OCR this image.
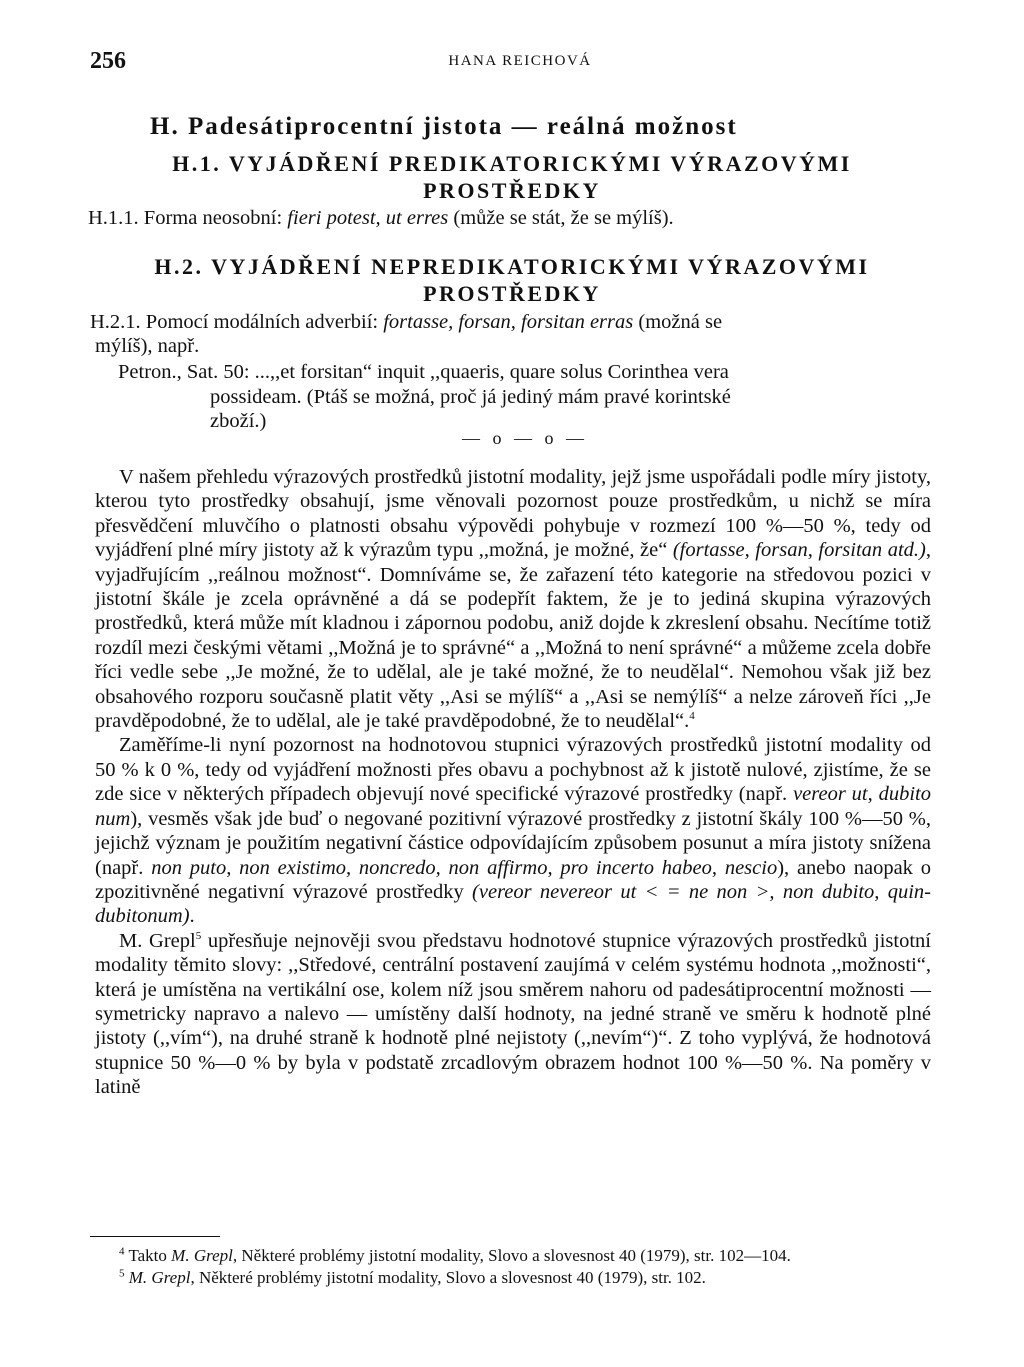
256	HANA REICHOVÁ
H. Padesátiprocentní jistota — reálná možnost
H.1. VYJÁDŘENÍ PREDIKATORICKÝMI VÝRAZOVÝMI
PROSTŘEDKY
H.1.1. Forma neosobní: fieri potest, ut erres (může se stát, že se mýlíš).
H.2. VYJÁDŘENÍ NEPREDIKATORICKÝMI VÝRAZOVÝMI
PROSTŘEDKY
H.2.1. Pomocí modálních adverbií: fortasse, forsan, forsitan erras (možná se
mýlíš), např.
Petron., Sat. 50: ...,,et forsitan“ inquit ,,quaeris, quare solus Corinthea vera
possideam. (Ptáš se možná, proč já jediný mám pravé korintské
zboží.)
— o — o —

V našem přehledu výrazových prostředků jistotní modality, jejž jsme uspořádali podle míry jistoty, kterou tyto prostředky obsahují, jsme věnovali pozornost pouze prostředkům, u nichž se míra přesvědčení mluvčího o platnosti obsahu výpovědi pohybuje v rozmezí 100 %—50 %, tedy od vyjádření plné míry jistoty až k výrazům typu ,,možná, je možné, že“ (fortasse, forsan, forsitan atd.), vyjadřujícím ,,reálnou možnost“. Domníváme se, že zařazení této kategorie na středovou pozici v jistotní škále je zcela oprávněné a dá se podepřít faktem, že je to jediná skupina výrazových prostředků, která může mít kladnou i zápornou podobu, aniž dojde k zkreslení obsahu. Necítíme totiž rozdíl mezi českými větami ,,Možná je to správné“ a ,,Možná to není správné“ a můžeme zcela dobře říci vedle sebe ,,Je možné, že to udělal, ale je také možné, že to neudělal“. Nemohou však již bez obsahového rozporu současně platit věty ,,Asi se mýlíš“ a ,,Asi se nemýlíš“ a nelze zároveň říci ,,Je pravděpodobné, že to udělal, ale je také pravděpodobné, že to neudělal“.$^4$

Zaměříme-li nyní pozornost na hodnotovou stupnici výrazových prostředků jistotní modality od 50 % k 0 %, tedy od vyjádření možnosti přes obavu a pochybnost až k jistotě nulové, zjistíme, že se zde sice v některých případech objevují nové specifické výrazové prostředky (např. vereor ut, dubito num), vesměs však jde buď o negované pozitivní výrazové prostředky z jistotní škály 100 %—50 %, jejichž význam je použitím negativní částice odpovídajícím způsobem posunut a míra jistoty snížena (např. non puto, non existimo, noncredo, non affirmo, pro incerto habeo, nescio), anebo naopak o zpozitivněné negativní výrazové prostředky (vereor nevereor ut < = ne non >, non dubito, quin-dubitonum).

M. Grepl$^5$ upřesňuje nejnověji svou představu hodnotové stupnice výrazových prostředků jistotní modality těmito slovy: ,,Středové, centrální postavení zaujímá v celém systému hodnota ,,možnosti“, která je umístěna na vertikální ose, kolem níž jsou směrem nahoru od padesátiprocentní možnosti — symetricky napravo a nalevo — umístěny další hodnoty, na jedné straně ve směru k hodnotě plné jistoty (,,vím“), na druhé straně k hodnotě plné nejistoty (,,nevím“)“. Z toho vyplývá, že hodnotová stupnice 50 %—0 % by byla v podstatě zrcadlovým obrazem hodnot 100 %—50 %. Na poměry v latině

$^4$ Takto M. Grepl, Některé problémy jistotní modality, Slovo a slovesnost 40 (1979), str. 102—104.

$^5$ M. Grepl, Některé problémy jistotní modality, Slovo a slovesnost 40 (1979), str. 102.
